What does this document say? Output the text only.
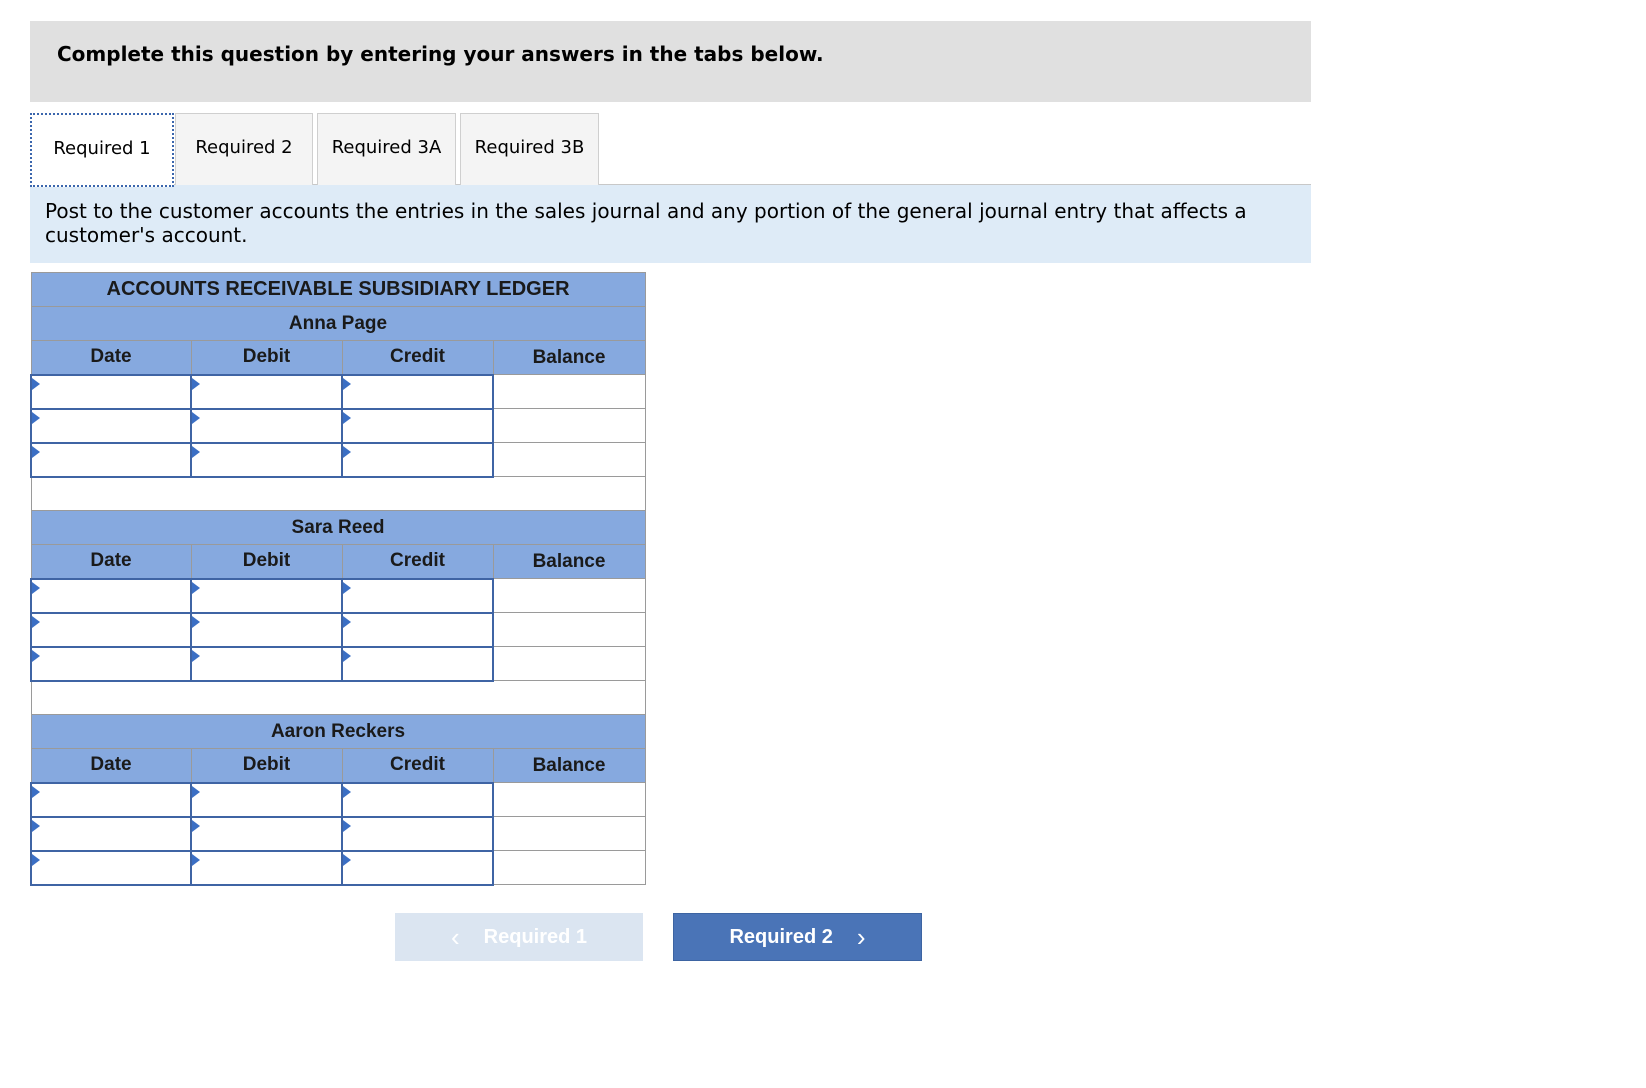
Complete this question by entering your answers in the tabs below.
Required 1	Required 2	Required 3A	Required 3B
Post to the customer accounts the entries in the sales journal and any portion of the general journal entry that affects a customer's account.
ACCOUNTS RECEIVABLE SUBSIDIARY LEDGER			
Anna Page			
Date	Debit	Credit	Balance

Sara Reed			
Date	Debit	Credit	Balance

Aaron Reckers			
Date	Debit	Credit	Balance

‹ Required 1	Required 2 ›
